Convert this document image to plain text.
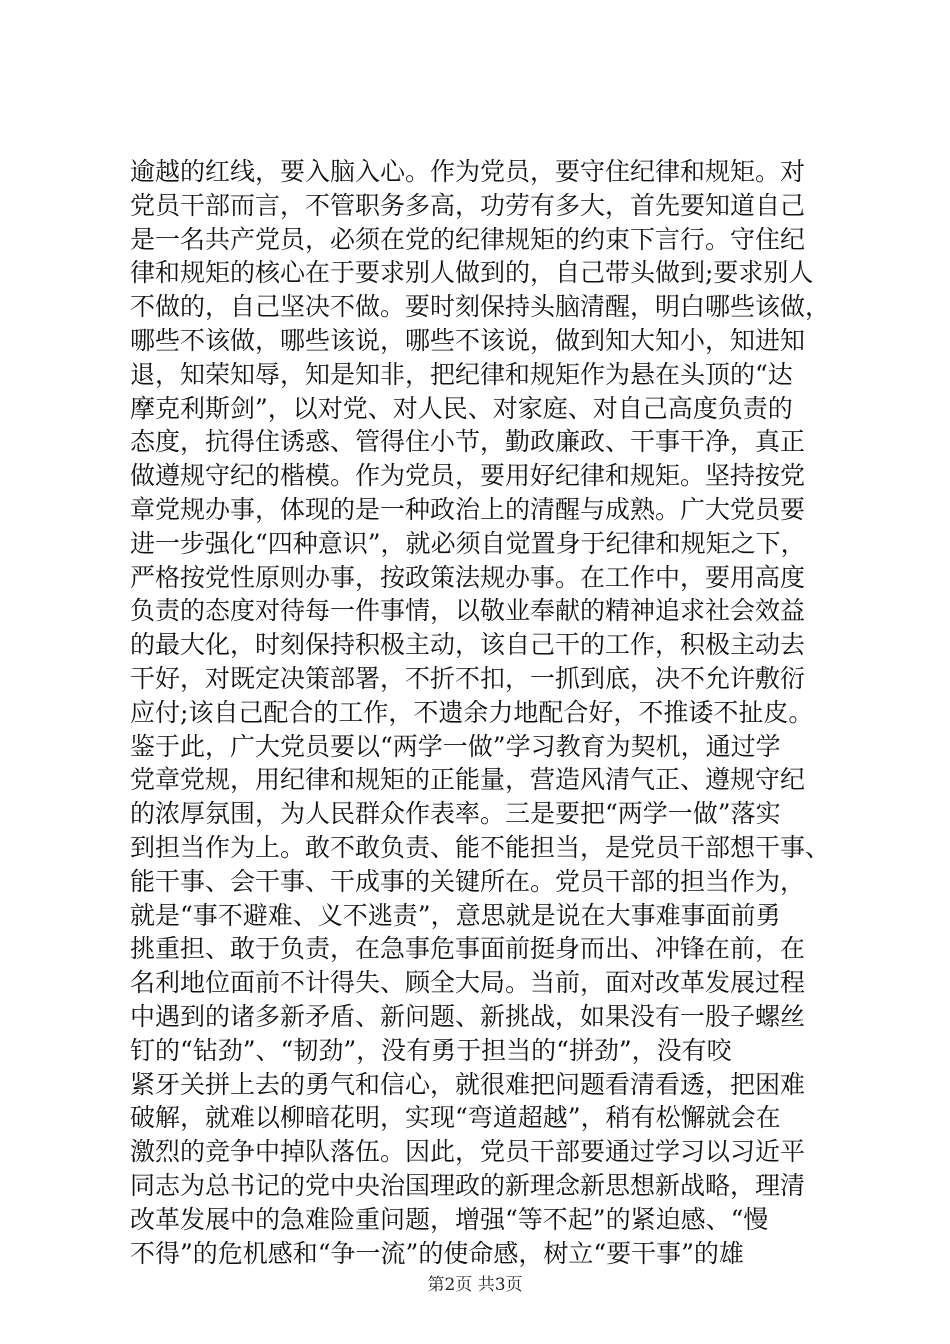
逾越的红线，要入脑入心。作为党员，要守住纪律和规矩。对
党员干部而言，不管职务多高，功劳有多大，首先要知道自己
是一名共产党员，必须在党的纪律规矩的约束下言行。守住纪
律和规矩的核心在于要求别人做到的，自己带头做到;要求别人
不做的，自己坚决不做。要时刻保持头脑清醒，明白哪些该做，
哪些不该做，哪些该说，哪些不该说，做到知大知小，知进知
退，知荣知辱，知是知非，把纪律和规矩作为悬在头顶的“达
摩克利斯剑”，以对党、对人民、对家庭、对自己高度负责的
态度，抗得住诱惑、管得住小节，勤政廉政、干事干净，真正
做遵规守纪的楷模。作为党员，要用好纪律和规矩。坚持按党
章党规办事，体现的是一种政治上的清醒与成熟。广大党员要
进一步强化“四种意识”，就必须自觉置身于纪律和规矩之下，
严格按党性原则办事，按政策法规办事。在工作中，要用高度
负责的态度对待每一件事情，以敬业奉献的精神追求社会效益
的最大化，时刻保持积极主动，该自己干的工作，积极主动去
干好，对既定决策部署，不折不扣，一抓到底，决不允许敷衍
应付;该自己配合的工作，不遗余力地配合好，不推诿不扯皮。
鉴于此，广大党员要以“两学一做”学习教育为契机，通过学
党章党规，用纪律和规矩的正能量，营造风清气正、遵规守纪
的浓厚氛围，为人民群众作表率。三是要把“两学一做”落实
到担当作为上。敢不敢负责、能不能担当，是党员干部想干事、
能干事、会干事、干成事的关键所在。党员干部的担当作为，
就是“事不避难、义不逃责”，意思就是说在大事难事面前勇
挑重担、敢于负责，在急事危事面前挺身而出、冲锋在前，在
名利地位面前不计得失、顾全大局。当前，面对改革发展过程
中遇到的诸多新矛盾、新问题、新挑战，如果没有一股子螺丝
钉的“钻劲”、“韧劲”，没有勇于担当的“拼劲”，没有咬
紧牙关拼上去的勇气和信心，就很难把问题看清看透，把困难
破解，就难以柳暗花明，实现“弯道超越”，稍有松懈就会在
激烈的竞争中掉队落伍。因此，党员干部要通过学习以习近平
同志为总书记的党中央治国理政的新理念新思想新战略，理清
改革发展中的急难险重问题，增强“等不起”的紧迫感、“慢
不得”的危机感和“争一流”的使命感，树立“要干事”的雄
第2页 共3页
